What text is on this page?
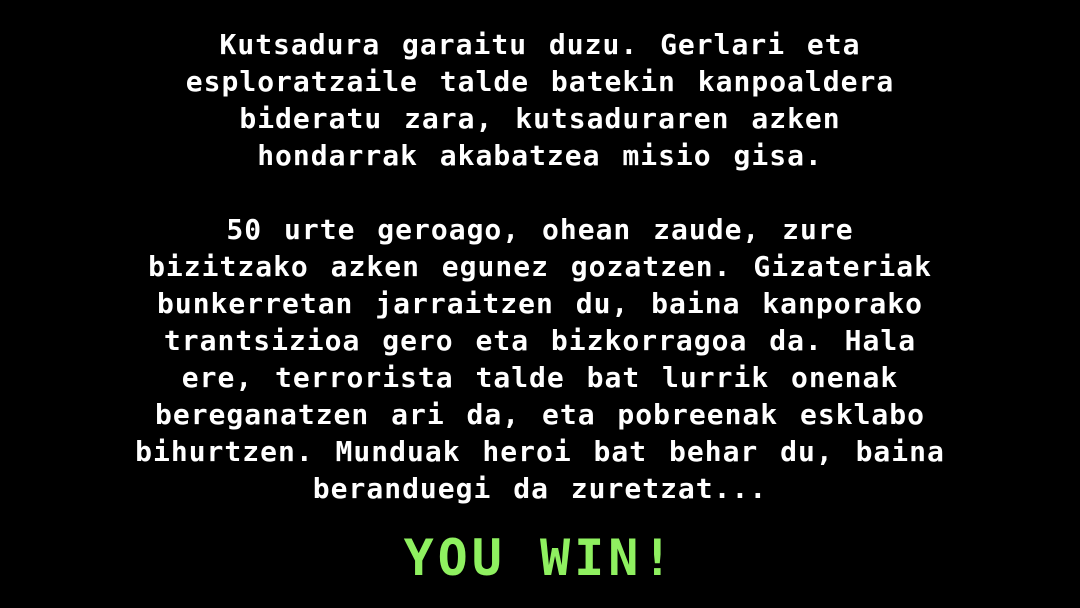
Kutsadura garaitu duzu. Gerlari eta
esploratzaile talde batekin kanpoaldera
bideratu zara, kutsaduraren azken
hondarrak akabatzea misio gisa.
50 urte geroago, ohean zaude, zure
bizitzako azken egunez gozatzen. Gizateriak
bunkerretan jarraitzen du, baina kanporako
trantsizioa gero eta bizkorragoa da. Hala
ere, terrorista talde bat lurrik onenak
bereganatzen ari da, eta pobreenak esklabo
bihurtzen. Munduak heroi bat behar du, baina
beranduegi da zuretzat...
YOU WIN!
